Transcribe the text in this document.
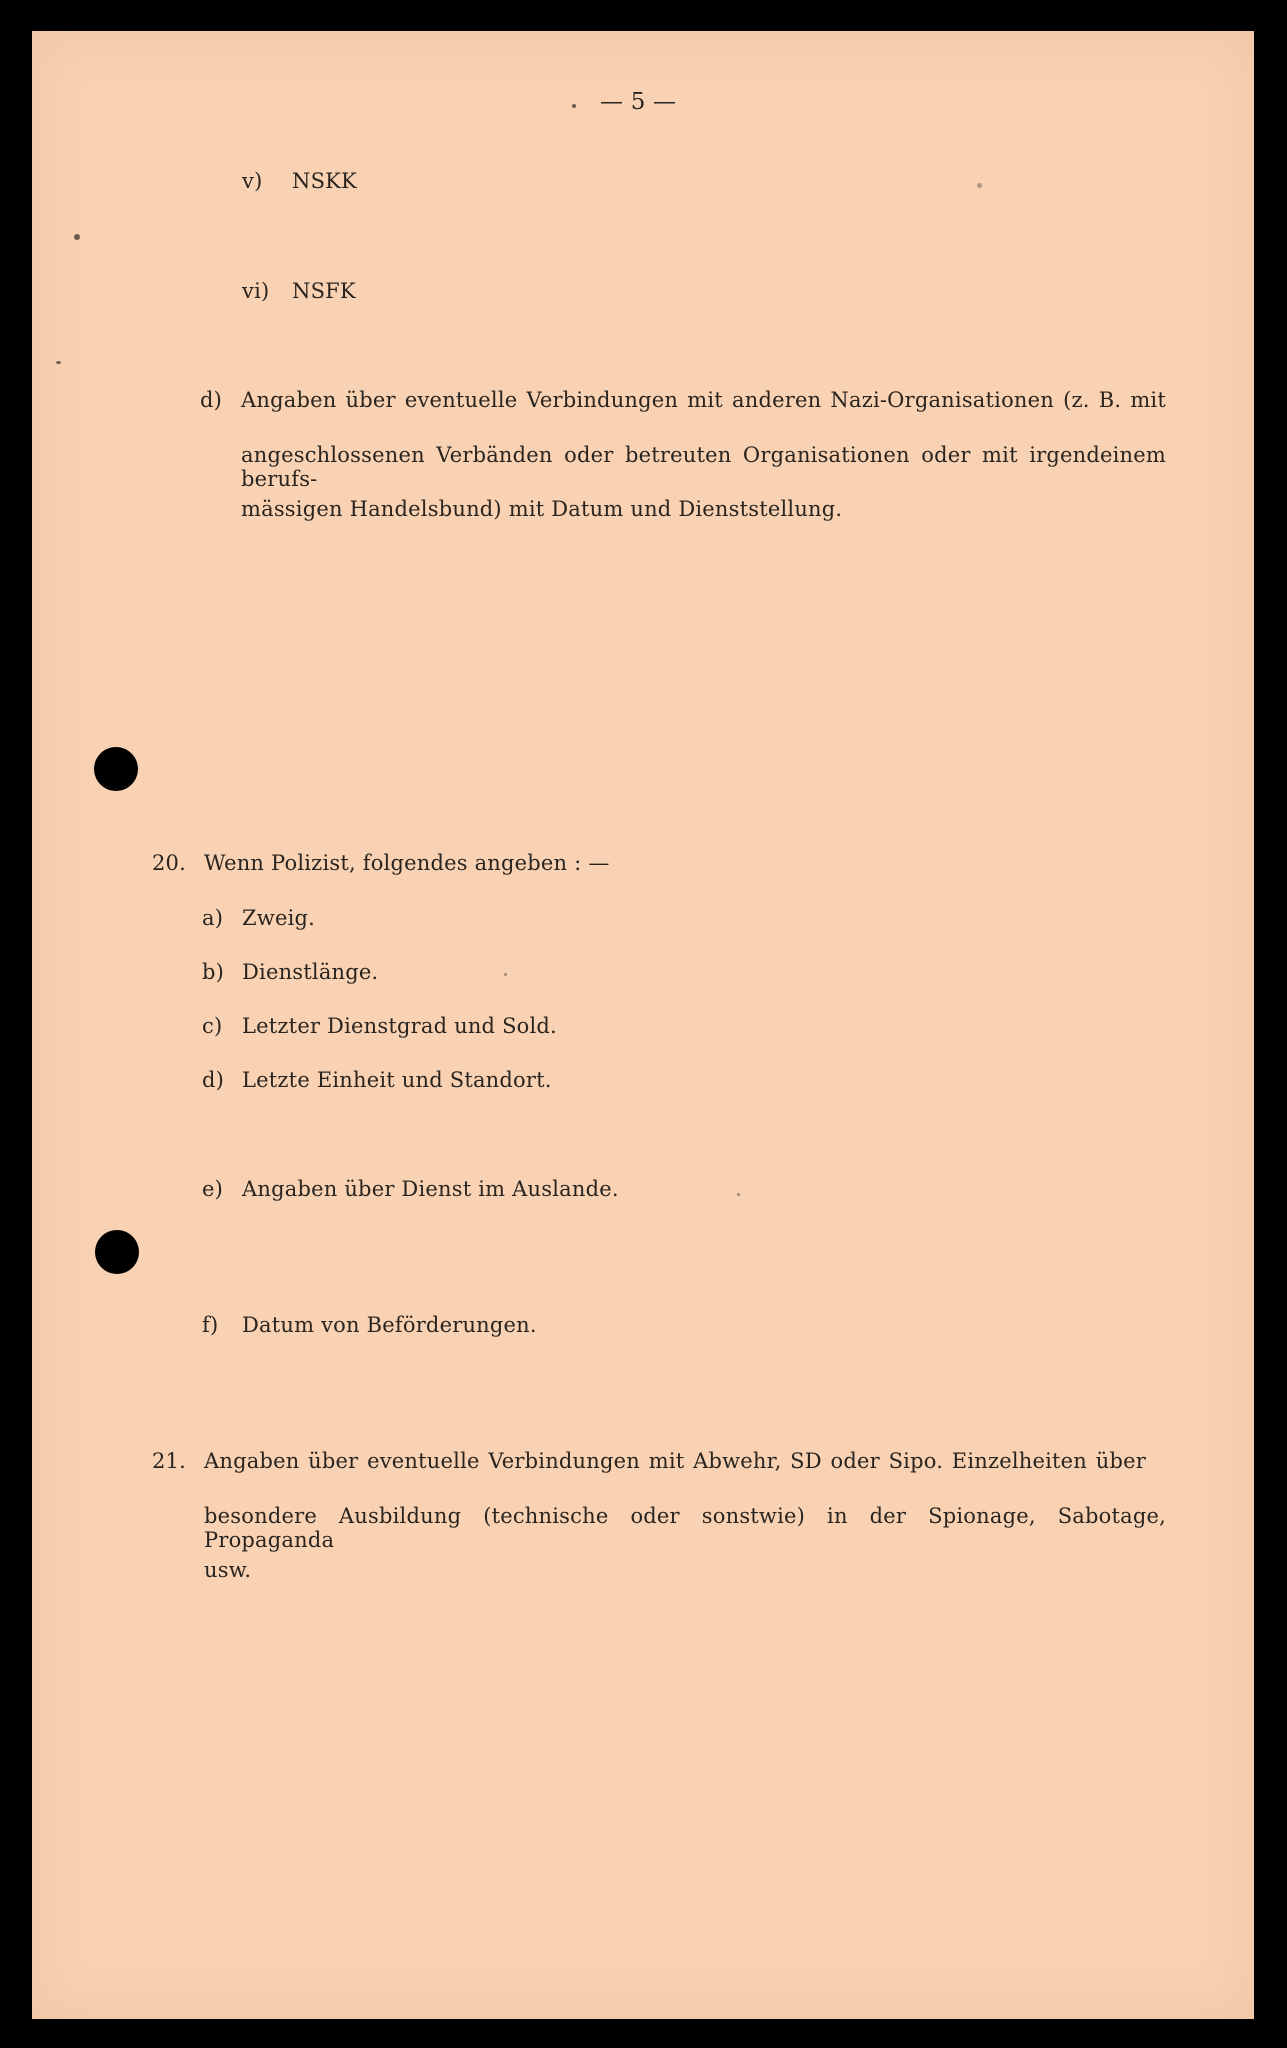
— 5 —
v) NSKK
vi) NSFK
d) Angaben über eventuelle Verbindungen mit anderen Nazi-Organisationen (z. B. mit
angeschlossenen Verbänden oder betreuten Organisationen oder mit irgendeinem berufs-
mässigen Handelsbund) mit Datum und Dienststellung.
20. Wenn Polizist, folgendes angeben : —
a) Zweig.
b) Dienstlänge.
c) Letzter Dienstgrad und Sold.
d) Letzte Einheit und Standort.
e) Angaben über Dienst im Auslande.
f) Datum von Beförderungen.
21. Angaben über eventuelle Verbindungen mit Abwehr, SD oder Sipo. Einzelheiten über
besondere Ausbildung (technische oder sonstwie) in der Spionage, Sabotage, Propaganda
usw.
